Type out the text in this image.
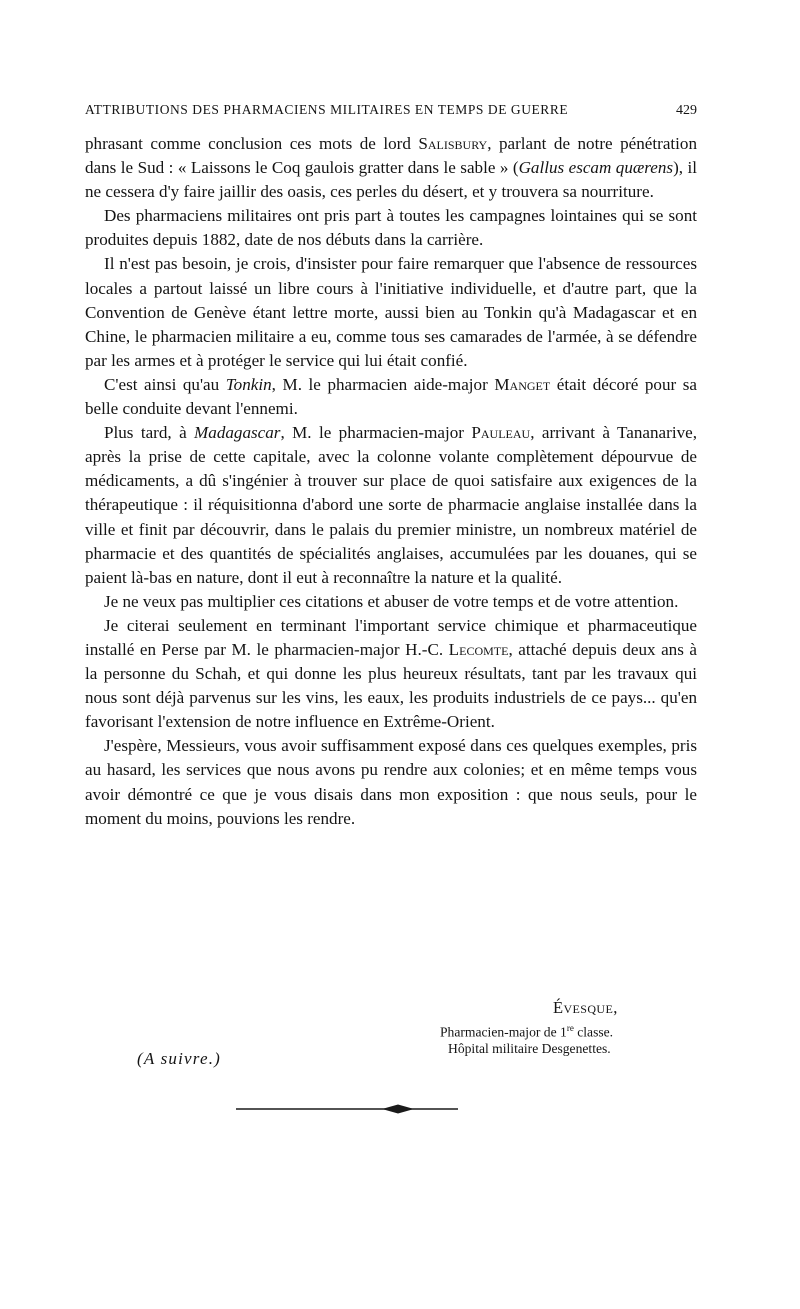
ATTRIBUTIONS DES PHARMACIENS MILITAIRES EN TEMPS DE GUERRE	429

phrasant comme conclusion ces mots de lord Salisbury, parlant de notre pénétration dans le Sud : « Laissons le Coq gaulois gratter dans le sable » (Gallus escam quærens), il ne cessera d'y faire jaillir des oasis, ces perles du désert, et y trouvera sa nourriture.

Des pharmaciens militaires ont pris part à toutes les campagnes lointaines qui se sont produites depuis 1882, date de nos débuts dans la carrière.

Il n'est pas besoin, je crois, d'insister pour faire remarquer que l'absence de ressources locales a partout laissé un libre cours à l'initiative individuelle, et d'autre part, que la Convention de Genève étant lettre morte, aussi bien au Tonkin qu'à Madagascar et en Chine, le pharmacien militaire a eu, comme tous ses camarades de l'armée, à se défendre par les armes et à protéger le service qui lui était confié.

C'est ainsi qu'au Tonkin, M. le pharmacien aide-major Manget était décoré pour sa belle conduite devant l'ennemi.

Plus tard, à Madagascar, M. le pharmacien-major Pauleau, arrivant à Tananarive, après la prise de cette capitale, avec la colonne volante complètement dépourvue de médicaments, a dû s'ingénier à trouver sur place de quoi satisfaire aux exigences de la thérapeutique : il réquisitionna d'abord une sorte de pharmacie anglaise installée dans la ville et finit par découvrir, dans le palais du premier ministre, un nombreux matériel de pharmacie et des quantités de spécialités anglaises, accumulées par les douanes, qui se paient là-bas en nature, dont il eut à reconnaître la nature et la qualité.

Je ne veux pas multiplier ces citations et abuser de votre temps et de votre attention.

Je citerai seulement en terminant l'important service chimique et pharmaceutique installé en Perse par M. le pharmacien-major H.-C. Lecomte, attaché depuis deux ans à la personne du Schah, et qui donne les plus heureux résultats, tant par les travaux qui nous sont déjà parvenus sur les vins, les eaux, les produits industriels de ce pays... qu'en favorisant l'extension de notre influence en Extrême-Orient.

J'espère, Messieurs, vous avoir suffisamment exposé dans ces quelques exemples, pris au hasard, les services que nous avons pu rendre aux colonies; et en même temps vous avoir démontré ce que je vous disais dans mon exposition : que nous seuls, pour le moment du moins, pouvions les rendre.

Évesque,
Pharmacien-major de 1re classe.
Hôpital militaire Desgenettes.
(A suivre.)
